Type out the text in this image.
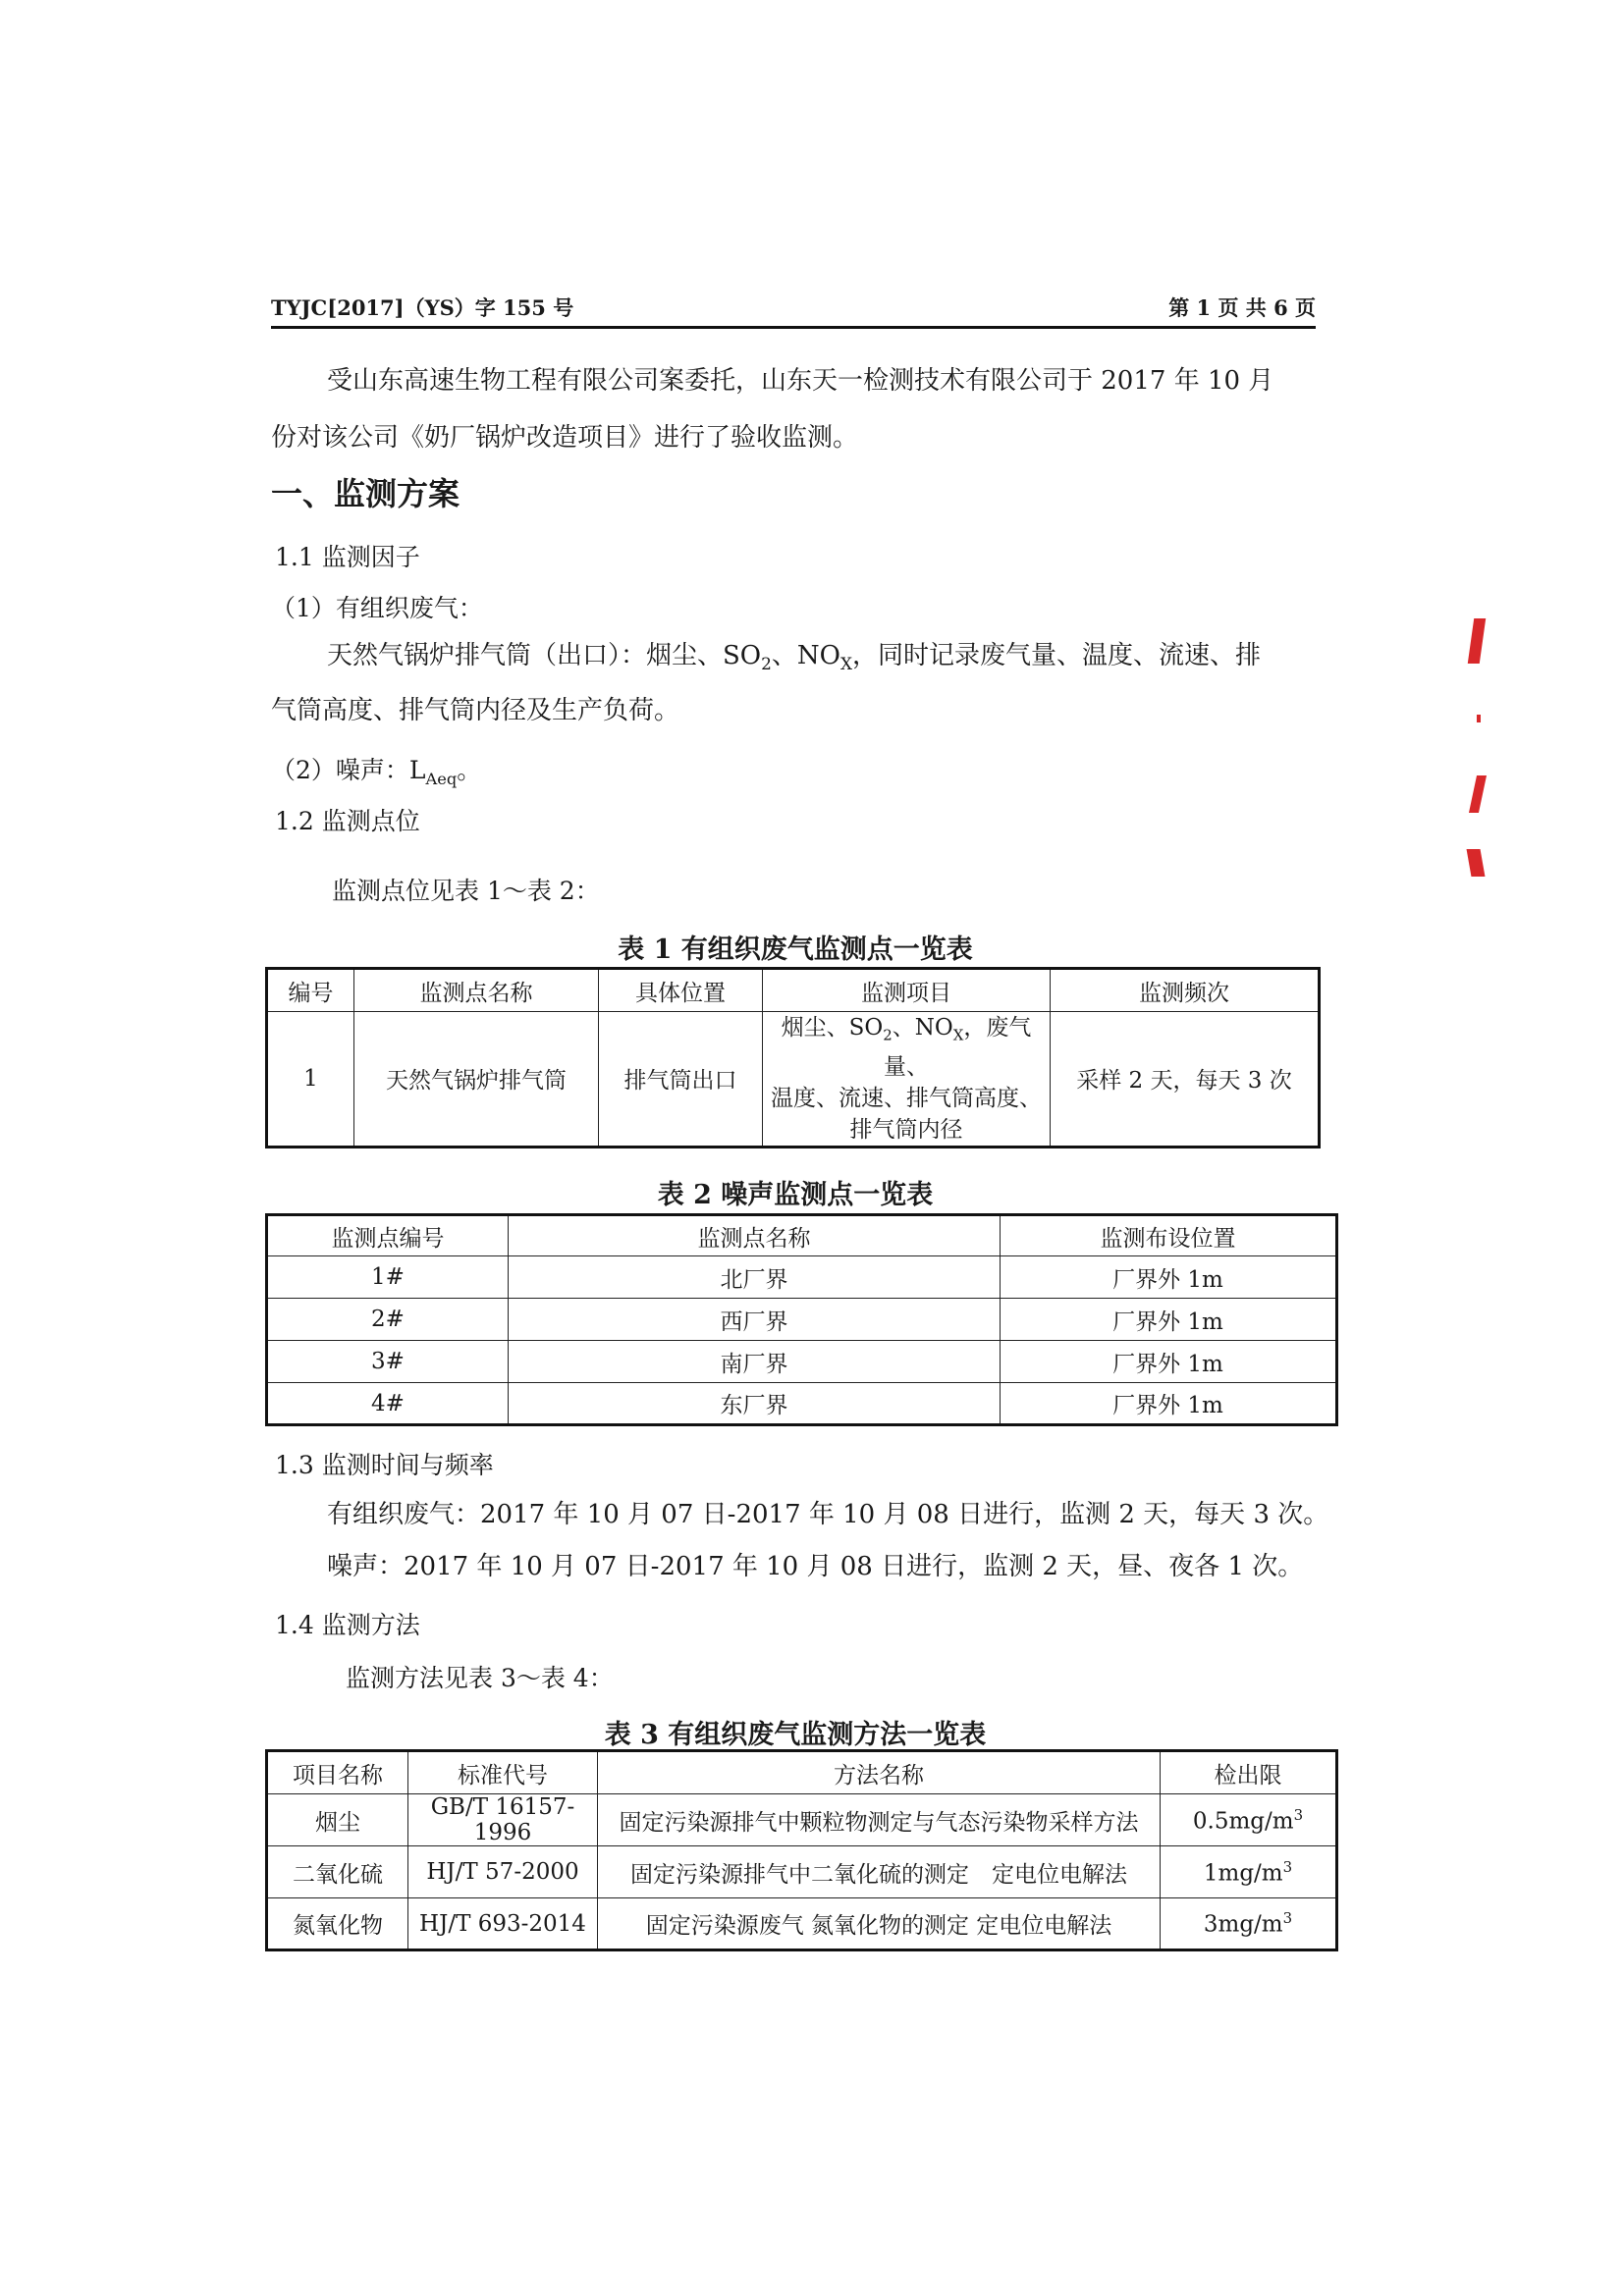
TYJC[2017]（YS）字 155 号	第 1 页 共 6 页
受山东高速生物工程有限公司案委托，山东天一检测技术有限公司于 2017 年 10 月
份对该公司《奶厂锅炉改造项目》进行了验收监测。
一、监测方案
1.1 监测因子
（1）有组织废气：
天然气锅炉排气筒（出口）：烟尘、$SO_2$、$NO_X$，同时记录废气量、温度、流速、排
气筒高度、排气筒内径及生产负荷。
（2）噪声：$L_{Aeq}$。
1.2 监测点位
监测点位见表 1～表 2：
表 1 有组织废气监测点一览表
编号	监测点名称	具体位置	监测项目	监测频次
1	天然气锅炉排气筒	排气筒出口	烟尘、$SO_2$、$NO_X$，废气量、
温度、流速、排气筒高度、
排气筒内径	采样 2 天，每天 3 次
表 2 噪声监测点一览表
监测点编号	监测点名称	监测布设位置
1#	北厂界	厂界外 1m
2#	西厂界	厂界外 1m
3#	南厂界	厂界外 1m
4#	东厂界	厂界外 1m
1.3 监测时间与频率
有组织废气：2017 年 10 月 07 日-2017 年 10 月 08 日进行，监测 2 天，每天 3 次。
噪声：2017 年 10 月 07 日-2017 年 10 月 08 日进行，监测 2 天，昼、夜各 1 次。
1.4 监测方法
监测方法见表 3～表 4：
表 3 有组织废气监测方法一览表
项目名称	标准代号	方法名称	检出限
烟尘	GB/T 16157-1996	固定污染源排气中颗粒物测定与气态污染物采样方法	$0.5mg/m^3$
二氧化硫	HJ/T 57-2000	固定污染源排气中二氧化硫的测定　定电位电解法	$1mg/m^3$
氮氧化物	HJ/T 693-2014	固定污染源废气 氮氧化物的测定 定电位电解法	$3mg/m^3$
